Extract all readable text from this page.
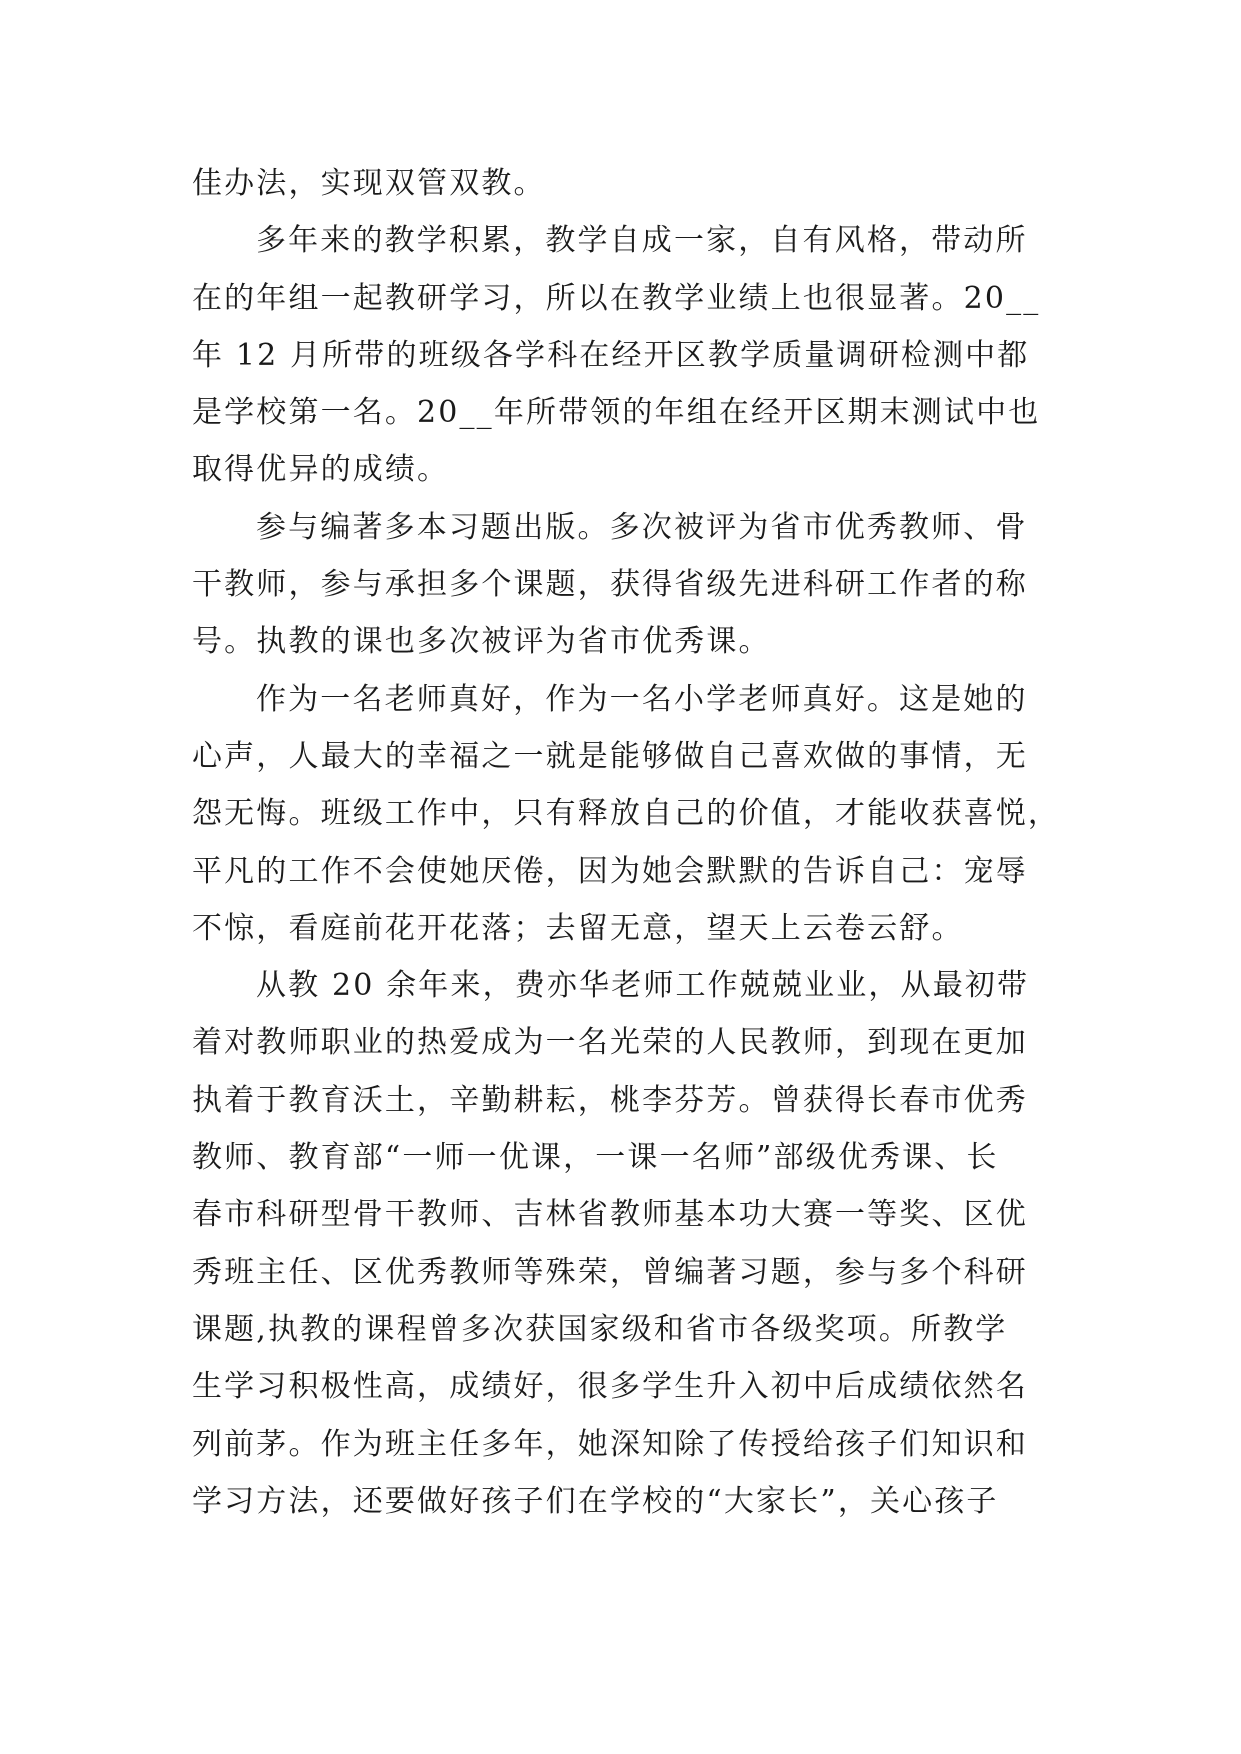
佳办法，实现双管双教。
多年来的教学积累，教学自成一家，自有风格，带动所
在的年组一起教研学习，所以在教学业绩上也很显著。20__
年 12 月所带的班级各学科在经开区教学质量调研检测中都
是学校第一名。20__年所带领的年组在经开区期末测试中也
取得优异的成绩。
参与编著多本习题出版。多次被评为省市优秀教师、骨
干教师，参与承担多个课题，获得省级先进科研工作者的称
号。执教的课也多次被评为省市优秀课。
作为一名老师真好，作为一名小学老师真好。这是她的
心声，人最大的幸福之一就是能够做自己喜欢做的事情，无
怨无悔。班级工作中，只有释放自己的价值，才能收获喜悦，
平凡的工作不会使她厌倦，因为她会默默的告诉自己：宠辱
不惊，看庭前花开花落；去留无意，望天上云卷云舒。
从教 20 余年来，费亦华老师工作兢兢业业，从最初带
着对教师职业的热爱成为一名光荣的人民教师，到现在更加
执着于教育沃土，辛勤耕耘，桃李芬芳。曾获得长春市优秀
教师、教育部“一师一优课，一课一名师”部级优秀课、长
春市科研型骨干教师、吉林省教师基本功大赛一等奖、区优
秀班主任、区优秀教师等殊荣，曾编著习题，参与多个科研
课题,执教的课程曾多次获国家级和省市各级奖项。所教学
生学习积极性高，成绩好，很多学生升入初中后成绩依然名
列前茅。作为班主任多年，她深知除了传授给孩子们知识和
学习方法，还要做好孩子们在学校的“大家长”，关心孩子
